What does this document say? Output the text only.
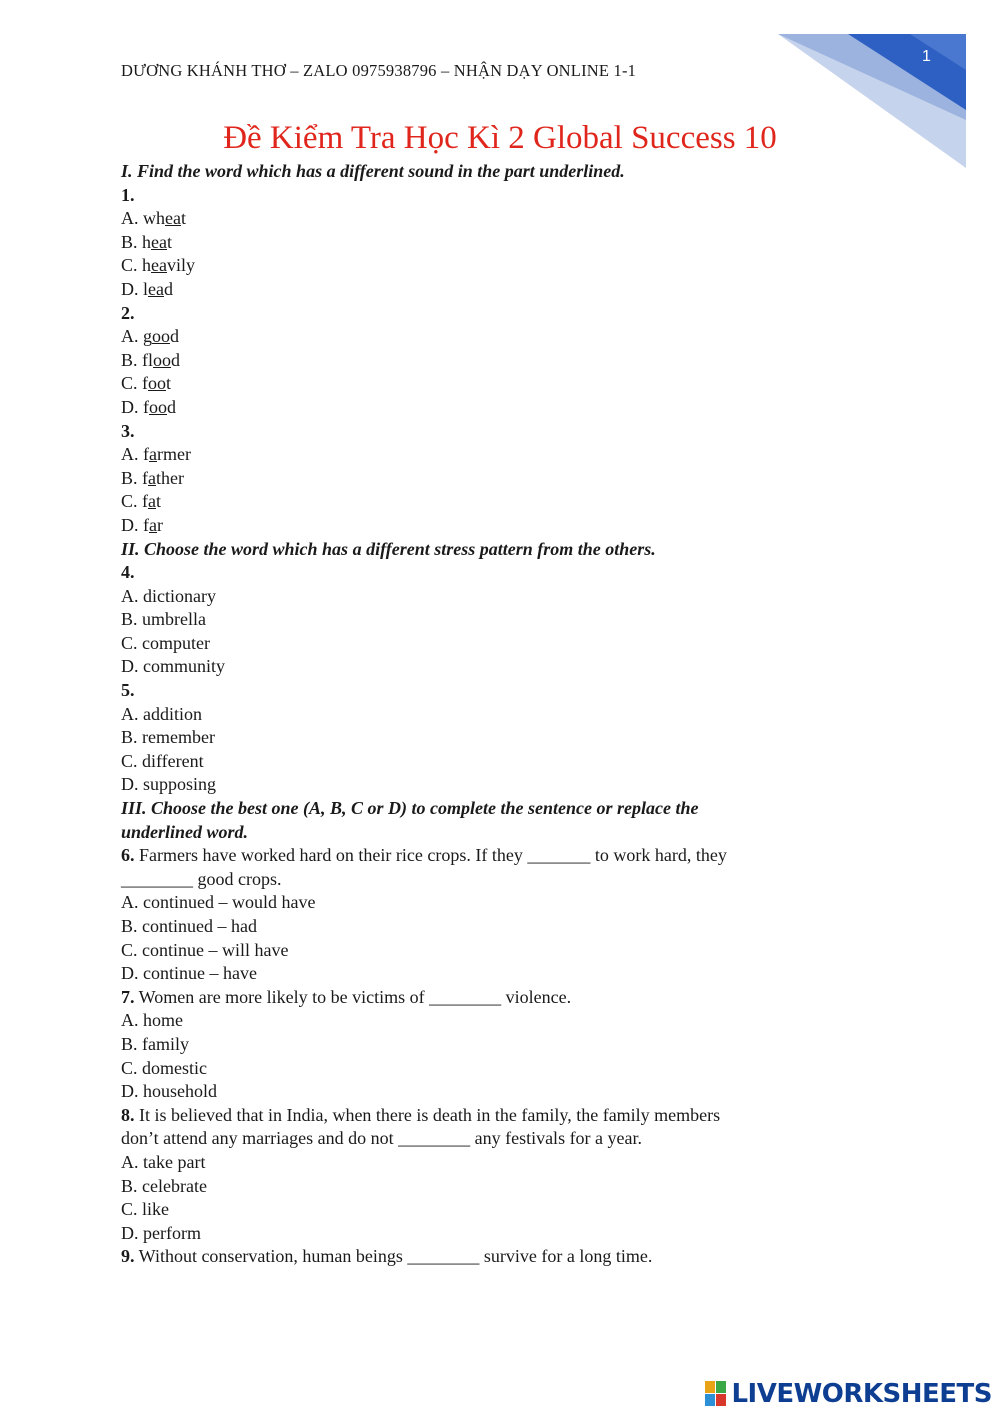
1
DƯƠNG KHÁNH THƠ – ZALO 0975938796 – NHẬN DẠY ONLINE 1-1
Đề Kiểm Tra Học Kì 2 Global Success 10
I. Find the word which has a different sound in the part underlined.
1.
A. wheat
B. heat
C. heavily
D. lead
2.
A. good
B. flood
C. foot
D. food
3.
A. farmer
B. father
C. fat
D. far
II. Choose the word which has a different stress pattern from the others.
4.
A. dictionary
B. umbrella
C. computer
D. community
5.
A. addition
B. remember
C. different
D. supposing
III. Choose the best one (A, B, C or D) to complete the sentence or replace the
underlined word.
6. Farmers have worked hard on their rice crops. If they _______ to work hard, they
________ good crops.
A. continued – would have
B. continued – had
C. continue – will have
D. continue – have
7. Women are more likely to be victims of ________ violence.
A. home
B. family
C. domestic
D. household
8. It is believed that in India, when there is death in the family, the family members
don’t attend any marriages and do not ________ any festivals for a year.
A. take part
B. celebrate
C. like
D. perform
9. Without conservation, human beings ________ survive for a long time.
LIVEWORKSHEETS
